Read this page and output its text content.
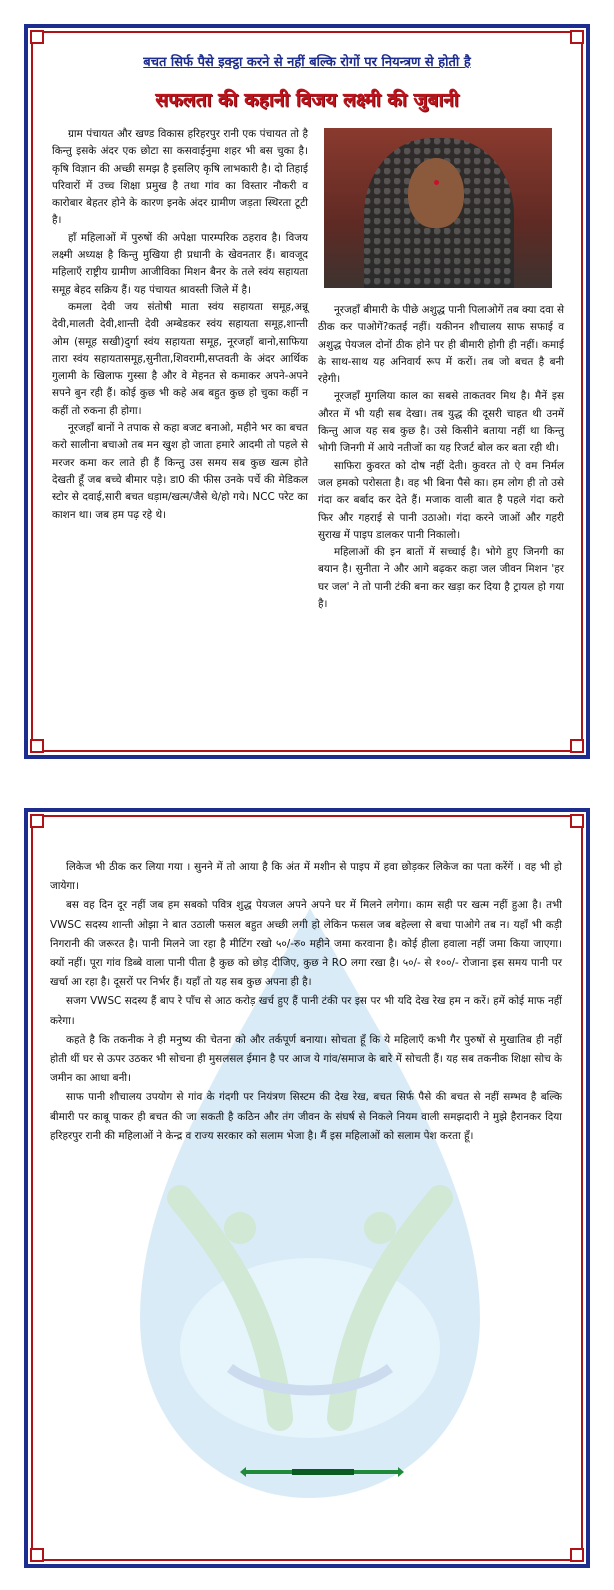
बचत सिर्फ पैसे इक्ट्ठा करने से नहीं बल्कि रोगों पर नियन्त्रण से होती है
सफलता की कहानी विजय लक्ष्मी की जुबानी

ग्राम पंचायत और खण्ड विकास हरिहरपुर रानी एक पंचायत तो है किन्तु इसके अंदर एक छोटा सा कसवाईनुमा शहर भी बस चुका है। कृषि विज्ञान की अच्छी समझ है इसलिए कृषि लाभकारी है। दो तिहाई परिवारों में उच्च शिक्षा प्रमुख है तथा गांव का विस्तार नौकरी व कारोबार बेहतर होने के कारण इनके अंदर ग्रामीण जड़ता स्थिरता टूटी है।

हाँ महिलाओं में पुरुषों की अपेक्षा पारम्परिक ठहराव है। विजय लक्ष्मी अध्यक्ष है किन्तु मुखिया ही प्रधानी के खेवनतार हैं। बावजूद महिलाएँ राष्ट्रीय ग्रामीण आजीविका मिशन बैनर के तले स्वंय सहायता समूह बेहद सक्रिय हैं। यह पंचायत श्रावस्ती जिले में है।

कमला देवी जय संतोषी माता स्वंय सहायता समूह,अन्नू देवी,मालती देवी,शान्ती देवी अम्बेडकर स्वंय सहायता समूह,शान्ती ओम (समूह सखी)दुर्गा स्वंय सहायता समूह, नूरजहाँ बानो,साफिया तारा स्वंय सहायतासमूह,सुनीता,शिवरामी,सप्तवती के अंदर आर्थिक गुलामी के खिलाफ गुस्सा है और वे मेहनत से कमाकर अपने-अपने सपने बुन रही हैं। कोई कुछ भी कहे अब बहुत कुछ हो चुका कहीं न कहीं तो रुकना ही होगा।

नूरजहाँ बानों ने तपाक से कहा बजट बनाओ, महीने भर का बचत करो सालीना बचाओ तब मन खुश हो जाता हमारे आदमी तो पहले से मरजर कमा कर लाते ही हैं किन्तु उस समय सब कुछ खत्म होते देखती हूँ जब बच्चे बीमार पड़े। डा0 की फीस उनके पर्चे की मेडिकल स्टोर से दवाई,सारी बचत धड़ाम/खत्म/जैसे थे/हो गये। NCC परेट का काशन था। जब हम पढ़ रहे थे।

नूरजहाँ बीमारी के पीछे अशुद्ध पानी पिलाओगें तब क्या दवा से ठीक कर पाओगें?कतई नहीं। यकीनन शौचालय साफ सफाई व अशुद्ध पेयजल दोनों ठीक होने पर ही बीमारी होगी ही नहीं। कमाई के साथ-साथ यह अनिवार्य रूप में करों। तब जो बचत है बनी रहेगी।

नूरजहाँ मुगलिया काल का सबसे ताकतवर मिथ है। मैनें इस औरत में भी यही सब देखा। तब युद्ध की दूसरी चाहत थी उनमें किन्तु आज यह सब कुछ है। उसे किसीने बताया नहीं था किन्तु भोगी जिनगी में आये नतीजों का यह रिजर्ट बोल कर बता रही थी।

साफिरा कुवरत को दोष नहीं देती। कुवरत तो ऐ वम निर्मल जल हमको परोसता है। वह भी बिना पैसे का। हम लोग ही तो उसे गंदा कर बर्बाद कर देते हैं। मजाक वाली बात है पहले गंदा करो फिर और गहराई से पानी उठाओ। गंदा करने जाओं और गहरी सुराख में पाइप डालकर पानी निकालो।

महिलाओं की इन बातों में सच्चाई है। भोगे हुए जिनगी का बयान है। सुनीता ने और आगे बढ़कर कहा जल जीवन मिशन 'हर घर जल' ने तो पानी टंकी बना कर खड़ा कर दिया है ट्रायल हो गया है।

लिकेज भी ठीक कर लिया गया । सुनने में तो आया है कि अंत में मशीन से पाइप में हवा छोड़कर लिकेज का पता करेंगें । वह भी हो जायेगा।

बस वह दिन दूर नहीं जब हम सबको पवित्र शुद्ध पेयजल अपने अपने घर में मिलने लगेगा। काम सही पर खत्म नहीं हुआ है। तभी VWSC सदस्य शान्ती ओझा ने बात उठाली फसल बहुत अच्छी लगी हो लेकिन फसल जब बहेल्ला से बचा पाओगे तब न। यहाँ भी कड़ी निगरानी की जरूरत है। पानी मिलने जा रहा है मीटिंग रखो ५०/-रु० महीने जमा करवाना है। कोई हीला हवाला नहीं जमा किया जाएगा। क्यों नहीं। पूरा गांव डिब्बे वाला पानी पीता है कुछ को छोड़ दीजिए, कुछ ने RO लगा रखा है। ५०/- से १००/- रोजाना इस समय पानी पर खर्चा आ रहा है। दूसरों पर निर्भर हैं। यहाँ तो यह सब कुछ अपना ही है।

सजग VWSC सदस्य हैं बाप रे पाँच से आठ करोड़ खर्च हुए हैं पानी टंकी पर इस पर भी यदि देख रेख हम न करें। हमें कोई माफ नहीं करेगा।

कहते है कि तकनीक ने ही मनुष्य की चेतना को और तर्कपूर्ण बनाया। सोचता हूँ कि ये महिलाएँ कभी गैर पुरुषों से मुखातिब ही नहीं होती थीं घर से ऊपर उठकर भी सोचना ही मुसलसल ईमान है पर आज ये गांव/समाज के बारे में सोचती हैं। यह सब तकनीक शिक्षा सोच के जमीन का आधा बनी।

साफ पानी शौचालय उपयोग से गांव के गंदगी पर नियंत्रण सिस्टम की देख रेख, बचत सिर्फ पैसे की बचत से नहीं सम्भव है बल्कि बीमारी पर काबू पाकर ही बचत की जा सकती है कठिन और तंग जीवन के संघर्ष से निकले नियम वाली समझदारी ने मुझे हैरानकर दिया हरिहरपुर रानी की महिलाओं ने केन्द्र व राज्य सरकार को सलाम भेजा है। मैं इस महिलाओं को सलाम पेश करता हूँ।
